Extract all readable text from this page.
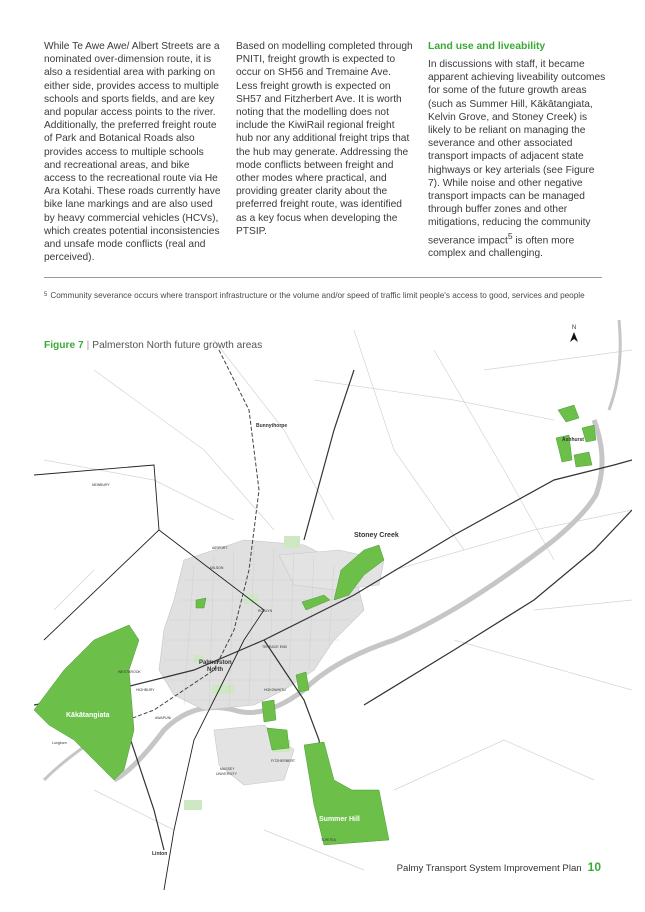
While Te Awe Awe/ Albert Streets are a nominated over-dimension route, it is also a residential area with parking on either side, provides access to multiple schools and sports fields, and are key and popular access points to the river. Additionally, the preferred freight route of Park and Botanical Roads also provides access to multiple schools and recreational areas, and bike access to the recreational route via He Ara Kotahi. These roads currently have bike lane markings and are also used by heavy commercial vehicles (HCVs), which creates potential inconsistencies and unsafe mode conflicts (real and perceived).

Based on modelling completed through PNITI, freight growth is expected to occur on SH56 and Tremaine Ave. Less freight growth is expected on SH57 and Fitzherbert Ave. It is worth noting that the modelling does not include the KiwiRail regional freight hub nor any additional freight trips that the hub may generate. Addressing the mode conflicts between freight and other modes where practical, and providing greater clarity about the preferred freight route, was identified as a key focus when developing the PTSIP.

Land use and liveability

In discussions with staff, it became apparent achieving liveability outcomes for some of the future growth areas (such as Summer Hill, Kākātangiata, Kelvin Grove, and Stoney Creek) is likely to be reliant on managing the severance and other associated transport impacts of adjacent state highways or key arterials (see Figure 7). While noise and other negative transport impacts can be managed through buffer zones and other mitigations, reducing the community severance impact$^5$ is often more complex and challenging.

$^5$ Community severance occurs where transport infrastructure or the volume and/or speed of traffic limit people's access to good, services and people
N
Bunnythorpe
Ashhurst
NEWBURY
Stoney Creek
AIRPORT
MILSON
ROSLYN
TERRACE END
Palmerston
North
WESTBROOK
HIGHBURY	HOKOWHITU
Kākātangiata	AWAPUNI
Longburn
MASSEY
UNIVERSITY
FITZHERBERT
Summer Hill
TURITEA
Linton
Figure 7 | Palmerston North future growth areas
Palmy Transport System Improvement Plan 10
